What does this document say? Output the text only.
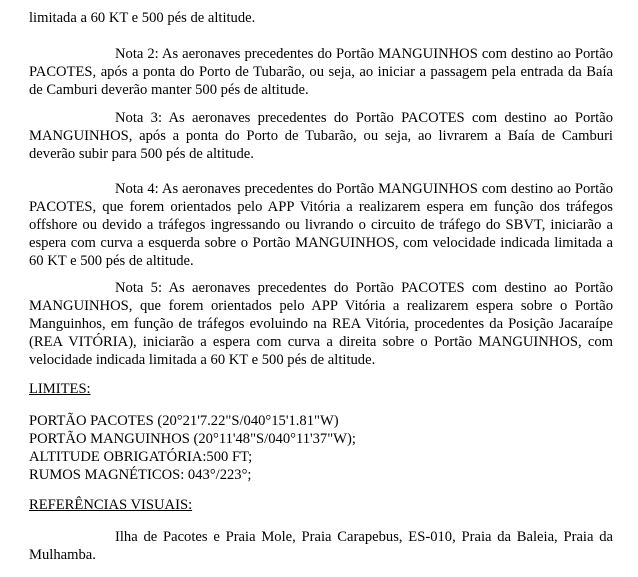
limitada a 60 KT e 500 pés de altitude.

Nota 2: As aeronaves precedentes do Portão MANGUINHOS com destino ao Portão PACOTES, após a ponta do Porto de Tubarão, ou seja, ao iniciar a passagem pela entrada da Baía de Camburi deverão manter 500 pés de altitude.

Nota 3: As aeronaves precedentes do Portão PACOTES com destino ao Portão MANGUINHOS, após a ponta do Porto de Tubarão, ou seja, ao livrarem a Baía de Camburi deverão subir para 500 pés de altitude.

Nota 4: As aeronaves precedentes do Portão MANGUINHOS com destino ao Portão PACOTES, que forem orientados pelo APP Vitória a realizarem espera em função dos tráfegos offshore ou devido a tráfegos ingressando ou livrando o circuito de tráfego do SBVT, iniciarão a espera com curva a esquerda sobre o Portão MANGUINHOS, com velocidade indicada limitada a 60 KT e 500 pés de altitude.

Nota 5: As aeronaves precedentes do Portão PACOTES com destino ao Portão MANGUINHOS, que forem orientados pelo APP Vitória a realizarem espera sobre o Portão Manguinhos, em função de tráfegos evoluindo na REA Vitória, procedentes da Posição Jacaraípe (REA VITÓRIA), iniciarão a espera com curva a direita sobre o Portão MANGUINHOS, com velocidade indicada limitada a 60 KT e 500 pés de altitude.

LIMITES:

PORTÃO PACOTES (20°21'7.22"S/040°15'1.81"W)
PORTÃO MANGUINHOS (20°11'48"S/040°11'37"W);
ALTITUDE OBRIGATÓRIA:500 FT;
RUMOS MAGNÉTICOS: 043°/223°;

REFERÊNCIAS VISUAIS:

Ilha de Pacotes e Praia Mole, Praia Carapebus, ES-010, Praia da Baleia, Praia da Mulhamba.
